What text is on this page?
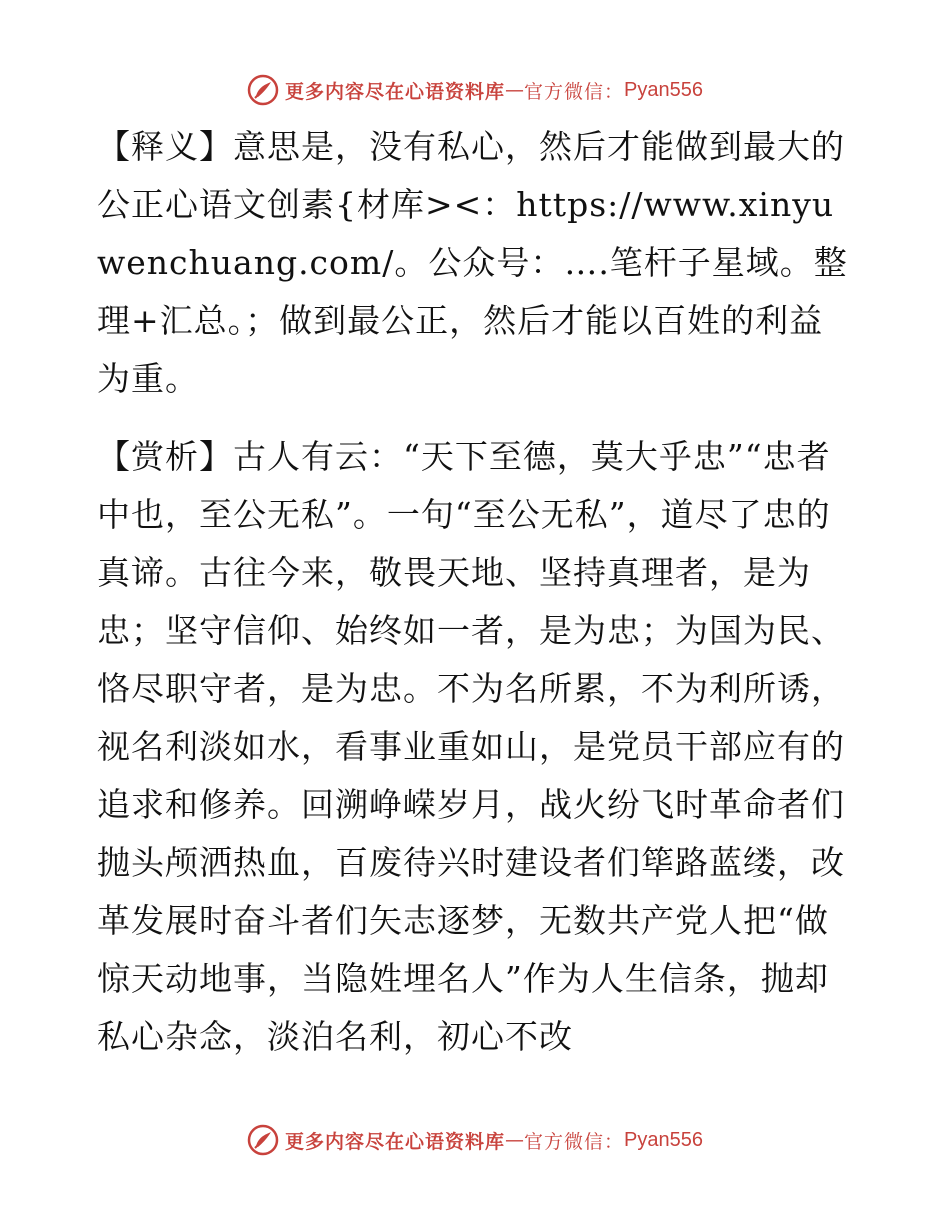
更多内容尽在心语资料库 — 官方微信： Pyan556

【释义】意思是，没有私心，然后才能做到最大的公正心语文创素{材库><：https://www.xinyuwenchuang.com/。公众号：….笔杆子星域。整理+汇总。；做到最公正，然后才能以百姓的利益为重。

【赏析】古人有云：“天下至德，莫大乎忠”“忠者中也，至公无私”。一句“至公无私”，道尽了忠的真谛。古往今来，敬畏天地、坚持真理者，是为忠；坚守信仰、始终如一者，是为忠；为国为民、恪尽职守者，是为忠。不为名所累，不为利所诱，视名利淡如水，看事业重如山，是党员干部应有的追求和修养。回溯峥嵘岁月，战火纷飞时革命者们抛头颅洒热血，百废待兴时建设者们筚路蓝缕，改革发展时奋斗者们矢志逐梦，无数共产党人把“做惊天动地事，当隐姓埋名人”作为人生信条，抛却私心杂念，淡泊名利，初心不改

更多内容尽在心语资料库 — 官方微信： Pyan556
